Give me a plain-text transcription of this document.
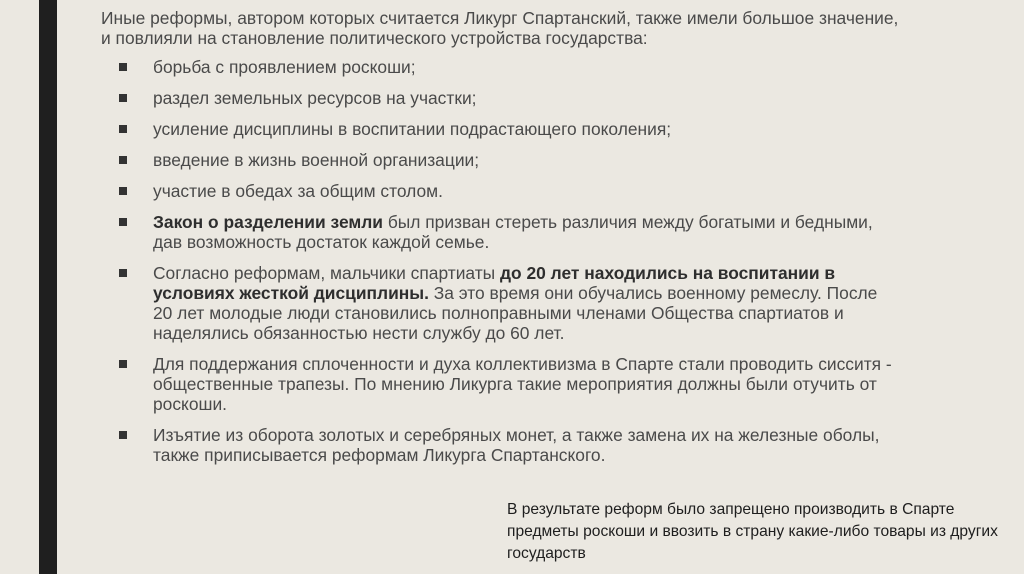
Иные реформы, автором которых считается Ликург Спартанский, также имели большое значение, и повлияли на становление политического устройства государства:

борьба с проявлением роскоши;
раздел земельных ресурсов на участки;
усиление дисциплины в воспитании подрастающего поколения;
введение в жизнь военной организации;
участие в обедах за общим столом.
Закон о разделении земли был призван стереть различия между богатыми и бедными, дав возможность достаток каждой семье.
Согласно реформам, мальчики спартиаты до 20 лет находились на воспитании в условиях жесткой дисциплины. За это время они обучались военному ремеслу. После 20 лет молодые люди становились полноправными членами Общества спартиатов и наделялись обязанностью нести службу до 60 лет.
Для поддержания сплоченности и духа коллективизма в Спарте стали проводить сисситя - общественные трапезы. По мнению Ликурга такие мероприятия должны были отучить от роскоши.
Изъятие из оборота золотых и серебряных монет, а также замена их на железные оболы, также приписывается реформам Ликурга Спартанского.
В результате реформ было запрещено производить в Спарте предметы роскоши и ввозить в страну какие-либо товары из других государств
